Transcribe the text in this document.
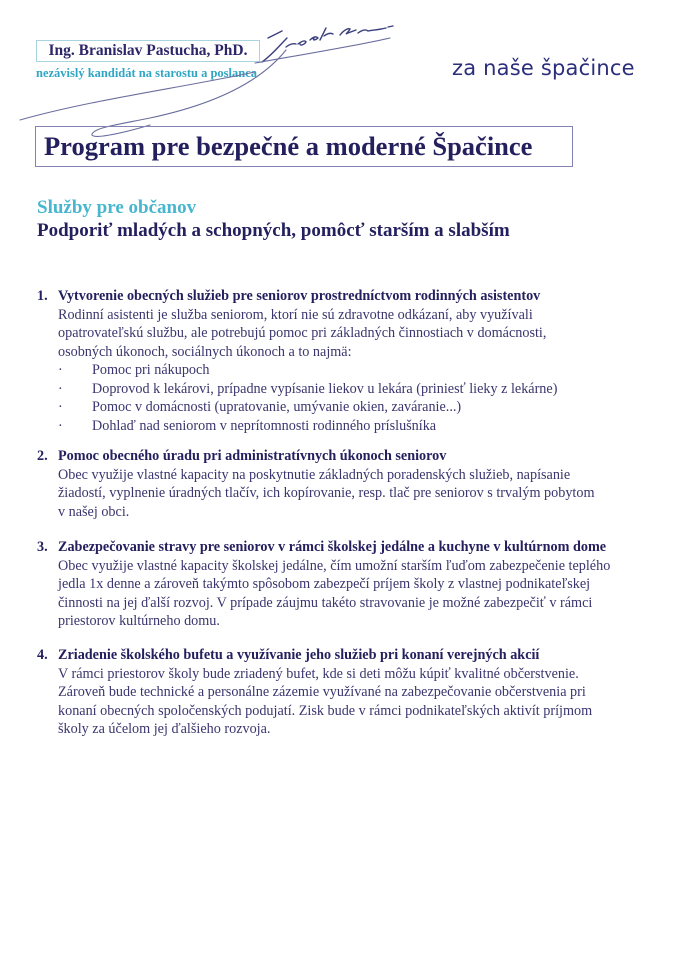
Ing. Branislav Pastucha, PhD.
nezávislý kandidát na starostu a poslanca	za naše špačince
Program pre bezpečné a moderné Špačince
Služby pre občanov
Podporiť mladých a schopných, pomôcť starším a slabším
1. Vytvorenie obecných služieb pre seniorov prostredníctvom rodinných asistentov

Rodinní asistenti je služba seniorom, ktorí nie sú zdravotne odkázaní, aby využívali

opatrovateľskú službu, ale potrebujú pomoc pri základných činnostiach v domácnosti,

osobných úkonoch, sociálnych úkonoch a to najmä:

· Pomoc pri nákupoch
· Doprovod k lekárovi, prípadne vypísanie liekov u lekára (priniesť lieky z lekárne)
· Pomoc v domácnosti (upratovanie, umývanie okien, zaváranie...)
· Dohlaď nad seniorom v neprítomnosti rodinného príslušníka
2. Pomoc obecného úradu pri administratívnych úkonoch seniorov

Obec využije vlastné kapacity na poskytnutie základných poradenských služieb, napísanie

žiadostí, vyplnenie úradných tlačív, ich kopírovanie, resp. tlač pre seniorov s trvalým pobytom

v našej obci.

3. Zabezpečovanie stravy pre seniorov v rámci školskej jedálne a kuchyne v kultúrnom dome

Obec využije vlastné kapacity školskej jedálne, čím umožní starším ľuďom zabezpečenie teplého

jedla 1x denne a zároveň takýmto spôsobom zabezpečí príjem školy z vlastnej podnikateľskej

činnosti na jej ďalší rozvoj. V prípade záujmu takéto stravovanie je možné zabezpečiť v rámci

priestorov kultúrneho domu.

4. Zriadenie školského bufetu a využívanie jeho služieb pri konaní verejných akcií

V rámci priestorov školy bude zriadený bufet, kde si deti môžu kúpiť kvalitné občerstvenie.

Zároveň bude technické a personálne zázemie využívané na zabezpečovanie občerstvenia pri

konaní obecných spoločenských podujatí. Zisk bude v rámci podnikateľských aktivít príjmom

školy za účelom jej ďalšieho rozvoja.
